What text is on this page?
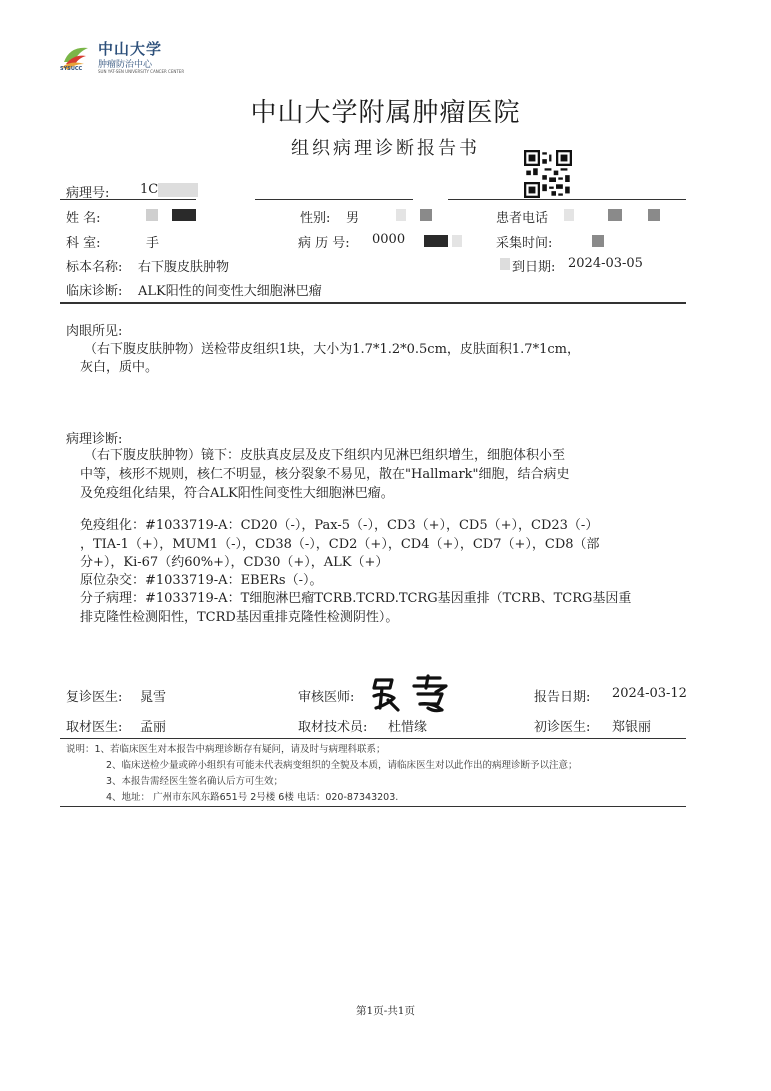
SYSUCC
中山大学
肿瘤防治中心
SUN YAT-SEN UNIVERSITY CANCER CENTER
中山大学附属肿瘤医院
组织病理诊断报告书
病理号: 1C
姓 名:	性别: 男	患者电话
科 室:	手	病 历 号: 0000	采集时间:
标本名称: 右下腹皮肤肿物	到日期: 2024-03-05
临床诊断: ALK阳性的间变性大细胞淋巴瘤
肉眼所见:
（右下腹皮肤肿物）送检带皮组织1块，大小为1.7*1.2*0.5cm，皮肤面积1.7*1cm，
灰白，质中。
病理诊断:
（右下腹皮肤肿物）镜下：皮肤真皮层及皮下组织内见淋巴组织增生，细胞体积小至
中等，核形不规则，核仁不明显，核分裂象不易见，散在"Hallmark"细胞，结合病史
及免疫组化结果，符合ALK阳性间变性大细胞淋巴瘤。
免疫组化：#1033719-A：CD20（-），Pax-5（-），CD3（+），CD5（+），CD23（-）
，TIA-1（+），MUM1（-），CD38（-），CD2（+），CD4（+），CD7（+），CD8（部
分+），Ki-67（约60%+），CD30（+），ALK（+）
原位杂交：#1033719-A：EBERs（-）。
分子病理：#1033719-A：T细胞淋巴瘤TCRB.TCRD.TCRG基因重排（TCRB、TCRG基因重
排克隆性检测阳性，TCRD基因重排克隆性检测阴性）。
复诊医生: 晁雪	审核医师:	报告日期: 2024-03-12
取材医生: 孟丽	取材技术员: 杜惜缘	初诊医生: 郑银丽
说明：1、若临床医生对本报告中病理诊断存有疑问，请及时与病理科联系；
2、临床送检少量或碎小组织有可能未代表病变组织的全貌及本质，请临床医生对以此作出的病理诊断予以注意；
3、本报告需经医生签名确认后方可生效；
4、地址： 广州市东风东路651号 2号楼 6楼 电话：020-87343203.
第1页-共1页
